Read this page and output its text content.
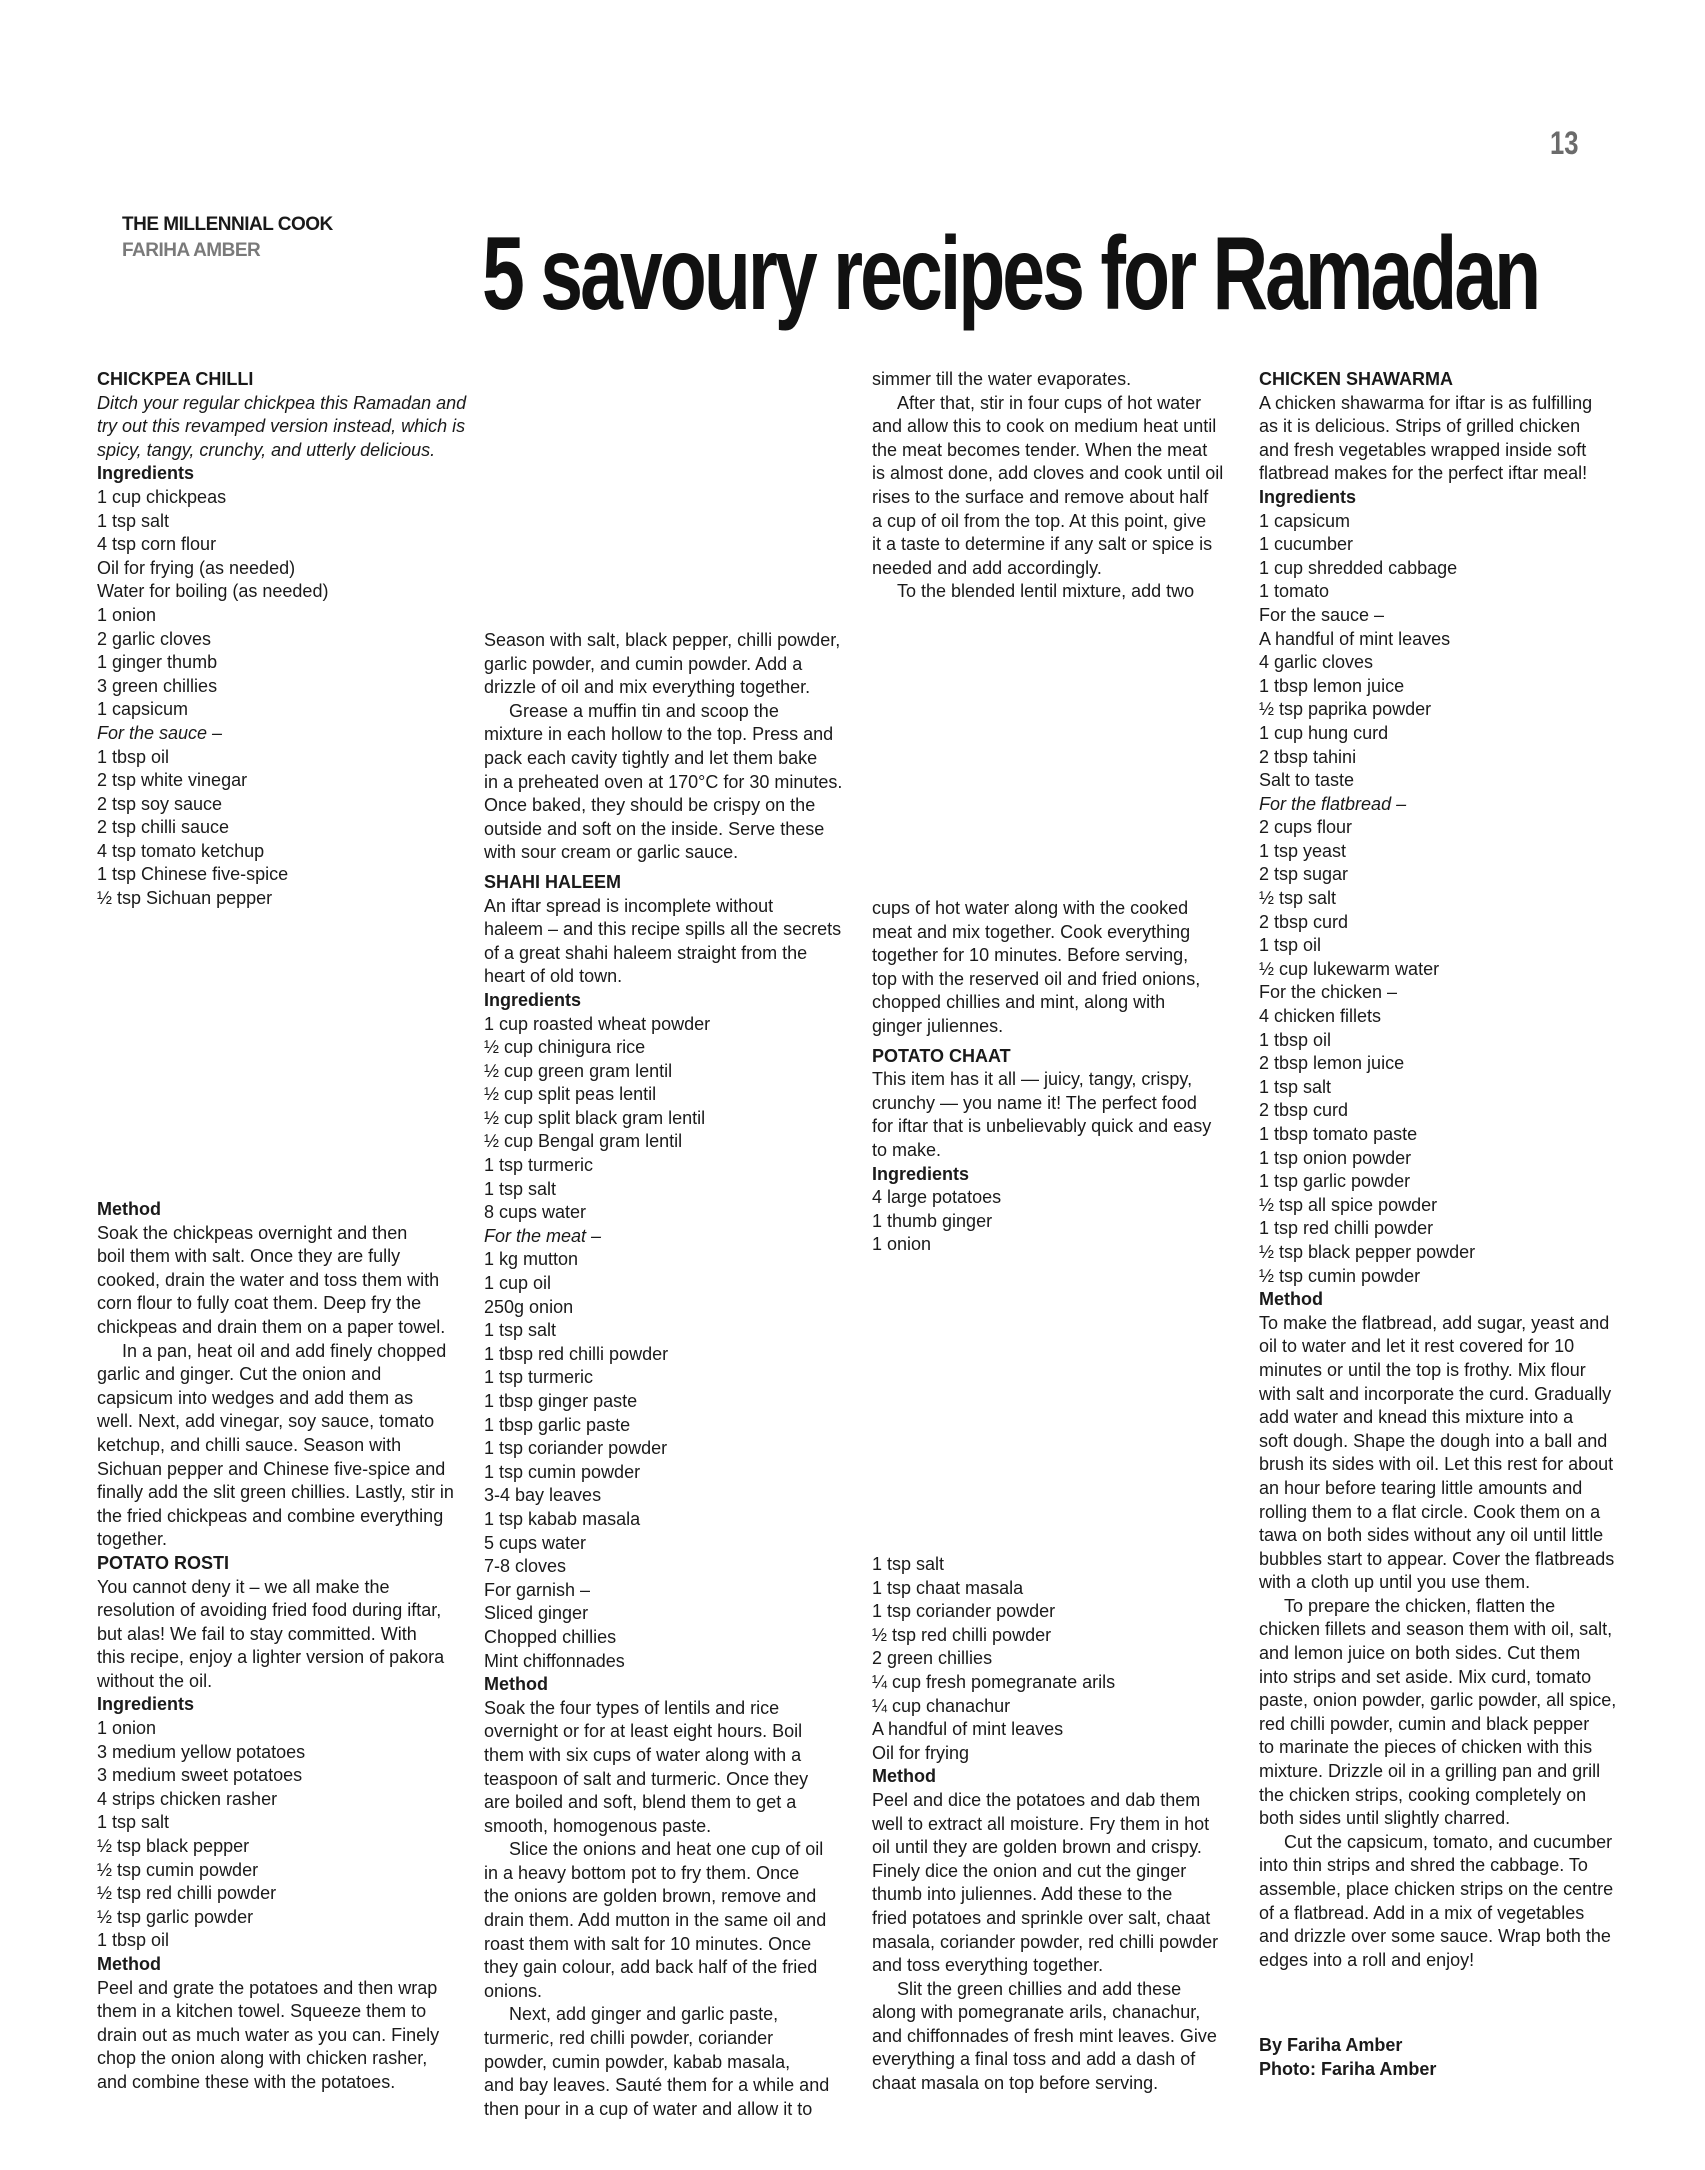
13
THE MILLENNIAL COOK
FARIHA AMBER	5 savoury recipes for Ramadan

CHICKPEA CHILLI

Ditch your regular chickpea this Ramadan and

try out this revamped version instead, which is

spicy, tangy, crunchy, and utterly delicious.

Ingredients

1 cup chickpeas

1 tsp salt

4 tsp corn flour

Oil for frying (as needed)

Water for boiling (as needed)

1 onion

2 garlic cloves

1 ginger thumb

3 green chillies

1 capsicum

For the sauce –

1 tbsp oil

2 tsp white vinegar

2 tsp soy sauce

2 tsp chilli sauce

4 tsp tomato ketchup

1 tsp Chinese five-spice

½ tsp Sichuan pepper

Method

Soak the chickpeas overnight and then

boil them with salt. Once they are fully

cooked, drain the water and toss them with

corn flour to fully coat them. Deep fry the

chickpeas and drain them on a paper towel.

In a pan, heat oil and add finely chopped

garlic and ginger. Cut the onion and

capsicum into wedges and add them as

well. Next, add vinegar, soy sauce, tomato

ketchup, and chilli sauce. Season with

Sichuan pepper and Chinese five-spice and

finally add the slit green chillies. Lastly, stir in

the fried chickpeas and combine everything

together.

POTATO ROSTI

You cannot deny it – we all make the

resolution of avoiding fried food during iftar,

but alas! We fail to stay committed. With

this recipe, enjoy a lighter version of pakora

without the oil.

Ingredients

1 onion

3 medium yellow potatoes

3 medium sweet potatoes

4 strips chicken rasher

1 tsp salt

½ tsp black pepper

½ tsp cumin powder

½ tsp red chilli powder

½ tsp garlic powder

1 tbsp oil

Method

Peel and grate the potatoes and then wrap

them in a kitchen towel. Squeeze them to

drain out as much water as you can. Finely

chop the onion along with chicken rasher,

and combine these with the potatoes.

Season with salt, black pepper, chilli powder,

garlic powder, and cumin powder. Add a

drizzle of oil and mix everything together.

Grease a muffin tin and scoop the

mixture in each hollow to the top. Press and

pack each cavity tightly and let them bake

in a preheated oven at 170°C for 30 minutes.

Once baked, they should be crispy on the

outside and soft on the inside. Serve these

with sour cream or garlic sauce.

SHAHI HALEEM

An iftar spread is incomplete without

haleem – and this recipe spills all the secrets

of a great shahi haleem straight from the

heart of old town.

Ingredients

1 cup roasted wheat powder

½ cup chinigura rice

½ cup green gram lentil

½ cup split peas lentil

½ cup split black gram lentil

½ cup Bengal gram lentil

1 tsp turmeric

1 tsp salt

8 cups water

For the meat –

1 kg mutton

1 cup oil

250g onion

1 tsp salt

1 tbsp red chilli powder

1 tsp turmeric

1 tbsp ginger paste

1 tbsp garlic paste

1 tsp coriander powder

1 tsp cumin powder

3-4 bay leaves

1 tsp kabab masala

5 cups water

7-8 cloves

For garnish –

Sliced ginger

Chopped chillies

Mint chiffonnades

Method

Soak the four types of lentils and rice

overnight or for at least eight hours. Boil

them with six cups of water along with a

teaspoon of salt and turmeric. Once they

are boiled and soft, blend them to get a

smooth, homogenous paste.

Slice the onions and heat one cup of oil

in a heavy bottom pot to fry them. Once

the onions are golden brown, remove and

drain them. Add mutton in the same oil and

roast them with salt for 10 minutes. Once

they gain colour, add back half of the fried

onions.

Next, add ginger and garlic paste,

turmeric, red chilli powder, coriander

powder, cumin powder, kabab masala,

and bay leaves. Sauté them for a while and

then pour in a cup of water and allow it to

simmer till the water evaporates.

After that, stir in four cups of hot water

and allow this to cook on medium heat until

the meat becomes tender. When the meat

is almost done, add cloves and cook until oil

rises to the surface and remove about half

a cup of oil from the top. At this point, give

it a taste to determine if any salt or spice is

needed and add accordingly.

To the blended lentil mixture, add two

cups of hot water along with the cooked

meat and mix together. Cook everything

together for 10 minutes. Before serving,

top with the reserved oil and fried onions,

chopped chillies and mint, along with

ginger juliennes.

POTATO CHAAT

This item has it all — juicy, tangy, crispy,

crunchy — you name it! The perfect food

for iftar that is unbelievably quick and easy

to make.

Ingredients

4 large potatoes

1 thumb ginger

1 onion

1 tsp salt

1 tsp chaat masala

1 tsp coriander powder

½ tsp red chilli powder

2 green chillies

¼ cup fresh pomegranate arils

¼ cup chanachur

A handful of mint leaves

Oil for frying

Method

Peel and dice the potatoes and dab them

well to extract all moisture. Fry them in hot

oil until they are golden brown and crispy.

Finely dice the onion and cut the ginger

thumb into juliennes. Add these to the

fried potatoes and sprinkle over salt, chaat

masala, coriander powder, red chilli powder

and toss everything together.

Slit the green chillies and add these

along with pomegranate arils, chanachur,

and chiffonnades of fresh mint leaves. Give

everything a final toss and add a dash of

chaat masala on top before serving.

CHICKEN SHAWARMA

A chicken shawarma for iftar is as fulfilling

as it is delicious. Strips of grilled chicken

and fresh vegetables wrapped inside soft

flatbread makes for the perfect iftar meal!

Ingredients

1 capsicum

1 cucumber

1 cup shredded cabbage

1 tomato

For the sauce –

A handful of mint leaves

4 garlic cloves

1 tbsp lemon juice

½ tsp paprika powder

1 cup hung curd

2 tbsp tahini

Salt to taste

For the flatbread –

2 cups flour

1 tsp yeast

2 tsp sugar

½ tsp salt

2 tbsp curd

1 tsp oil

½ cup lukewarm water

For the chicken –

4 chicken fillets

1 tbsp oil

2 tbsp lemon juice

1 tsp salt

2 tbsp curd

1 tbsp tomato paste

1 tsp onion powder

1 tsp garlic powder

½ tsp all spice powder

1 tsp red chilli powder

½ tsp black pepper powder

½ tsp cumin powder

Method

To make the flatbread, add sugar, yeast and

oil to water and let it rest covered for 10

minutes or until the top is frothy. Mix flour

with salt and incorporate the curd. Gradually

add water and knead this mixture into a

soft dough. Shape the dough into a ball and

brush its sides with oil. Let this rest for about

an hour before tearing little amounts and

rolling them to a flat circle. Cook them on a

tawa on both sides without any oil until little

bubbles start to appear. Cover the flatbreads

with a cloth up until you use them.

To prepare the chicken, flatten the

chicken fillets and season them with oil, salt,

and lemon juice on both sides. Cut them

into strips and set aside. Mix curd, tomato

paste, onion powder, garlic powder, all spice,

red chilli powder, cumin and black pepper

to marinate the pieces of chicken with this

mixture. Drizzle oil in a grilling pan and grill

the chicken strips, cooking completely on

both sides until slightly charred.

Cut the capsicum, tomato, and cucumber

into thin strips and shred the cabbage. To

assemble, place chicken strips on the centre

of a flatbread. Add in a mix of vegetables

and drizzle over some sauce. Wrap both the

edges into a roll and enjoy!

By Fariha Amber

Photo: Fariha Amber
